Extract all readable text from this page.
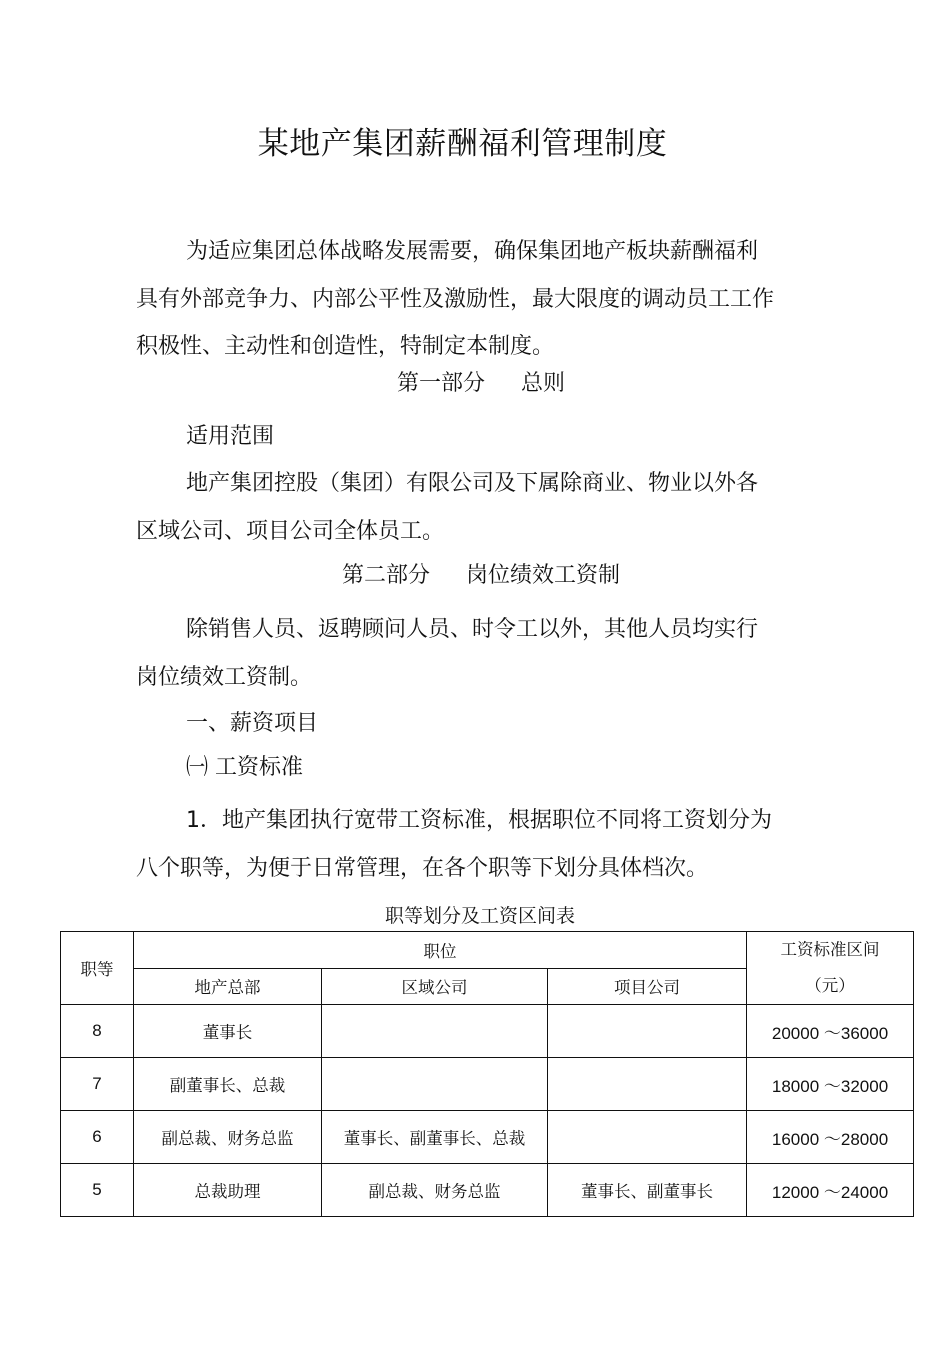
某地产集团薪酬福利管理制度

为适应集团总体战略发展需要，确保集团地产板块薪酬福利具有外部竞争力、内部公平性及激励性，最大限度的调动员工工作积极性、主动性和创造性，特制定本制度。

第一部分 总则
适用范围

地产集团控股（集团）有限公司及下属除商业、物业以外各区域公司、项目公司全体员工。

第二部分 岗位绩效工资制

除销售人员、返聘顾问人员、时令工以外，其他人员均实行岗位绩效工资制。

一、薪资项目
㈠ 工资标准

1．地产集团执行宽带工资标准，根据职位不同将工资划分为八个职等，为便于日常管理，在各个职等下划分具体档次。

职等划分及工资区间表
职等	职位			工资标准区间
（元）

	地产总部	区域公司	项目公司	
8	董事长			20000 ～36000
7	副董事长、总裁			18000 ～32000
6	副总裁、财务总监	董事长、副董事长、总裁		16000 ～28000
5	总裁助理	副总裁、财务总监	董事长、副董事长	12000 ～24000
